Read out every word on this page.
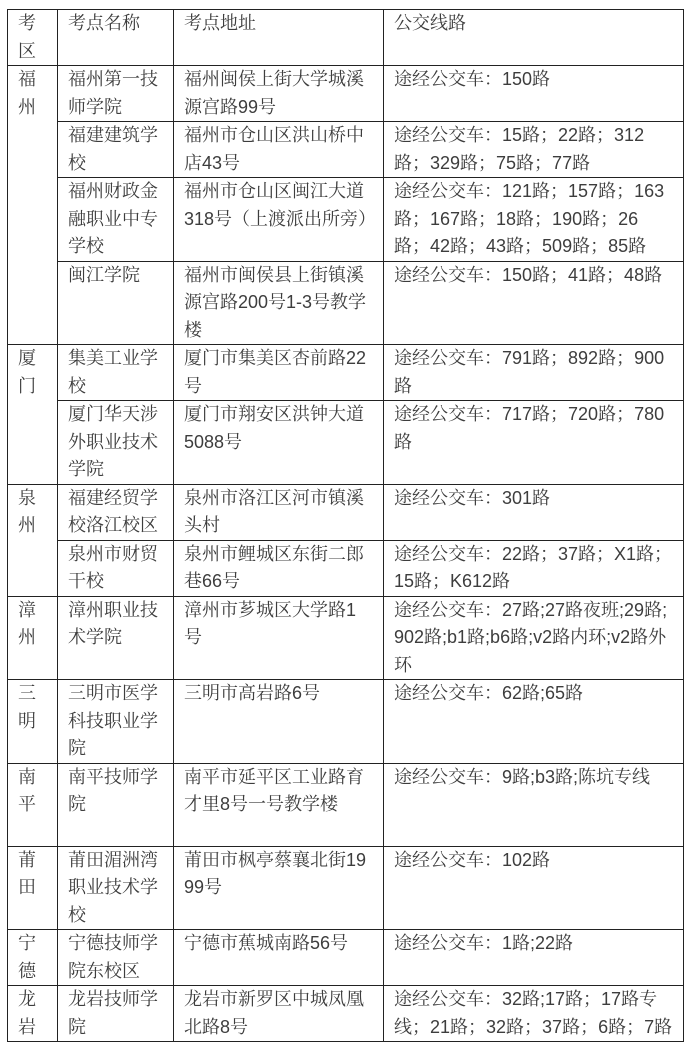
考区	考点名称	考点地址	公交线路
福州	福州第一技师学院	福州闽侯上街大学城溪源宫路99号	途经公交车：150路
	福建建筑学校	福州市仓山区洪山桥中店43号	途经公交车：15路；22路；312路；329路；75路；77路
	福州财政金融职业中专学校	福州市仓山区闽江大道318号（上渡派出所旁）	途经公交车：121路；157路；163路；167路；18路；190路；26路；42路；43路；509路；85路
	闽江学院	福州市闽侯县上街镇溪源宫路200号1-3号教学楼	途经公交车：150路；41路；48路
厦门	集美工业学校	厦门市集美区杏前路22号	途经公交车：791路；892路；900路
	厦门华天涉外职业技术学院	厦门市翔安区洪钟大道5088号	途经公交车：717路；720路；780路
泉州	福建经贸学校洛江校区	泉州市洛江区河市镇溪头村	途经公交车：301路
	泉州市财贸干校	泉州市鲤城区东街二郎巷66号	途经公交车：22路；37路；X1路；15路；K612路
漳州	漳州职业技术学院	漳州市芗城区大学路1号	途经公交车：27路;27路夜班;29路;902路;b1路;b6路;v2路内环;v2路外环
三明	三明市医学科技职业学院	三明市高岩路6号	途经公交车：62路;65路
南平	南平技师学院	南平市延平区工业路育才里8号一号教学楼	途经公交车：9路;b3路;陈坑专线
莆田	莆田湄洲湾职业技术学校	莆田市枫亭蔡襄北街1999号	途经公交车：102路
宁德	宁德技师学院东校区	宁德市蕉城南路56号	途经公交车：1路;22路
龙岩	龙岩技师学院	龙岩市新罗区中城凤凰北路8号	途经公交车：32路;17路；17路专线；21路；32路；37路；6路；7路
